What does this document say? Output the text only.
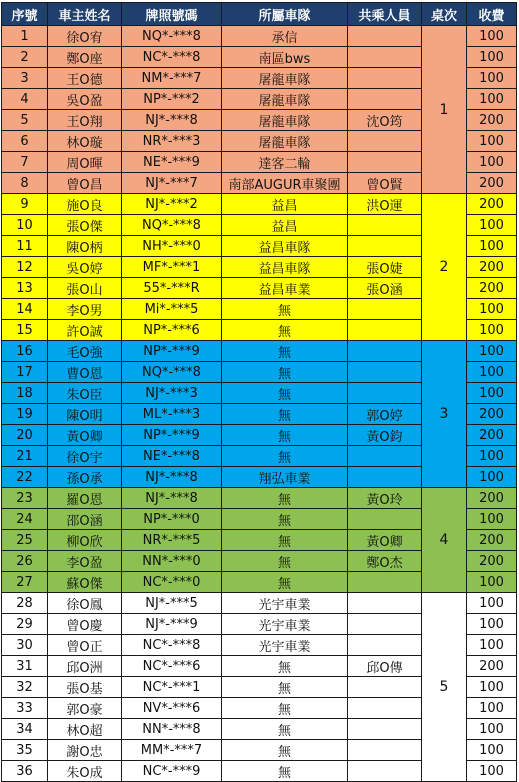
序號	車主姓名	牌照號碼	所屬車隊	共乘人員	桌次	收費
1	徐O宥	NQ*-***8	承信		1	100
2	鄭O座	NC*-***8	南區bws			100
3	王O德	NM*-***7	屠龍車隊			100
4	吳O盈	NP*-***2	屠龍車隊			100
5	王O翔	NJ*-***8	屠龍車隊	沈O筠		200
6	林O璇	NR*-***3	屠龍車隊			100
7	周O暉	NE*-***9	達客二輪			100
8	曾O昌	NJ*-***7	南部AUGUR車聚團	曾O賢		200
9	施O良	NJ*-***2	益昌	洪O運	2	200
10	張O傑	NQ*-***8	益昌			100
11	陳O柄	NH*-***0	益昌車隊			100
12	吳O婷	MF*-***1	益昌車隊	張O婕		200
13	張O山	55*-***R	益昌車業	張O涵		200
14	李O男	Mi*-***5	無			100
15	許O誠	NP*-***6	無			100
16	毛O強	NP*-***9	無		3	100
17	曹O恩	NQ*-***8	無			100
18	朱O臣	NJ*-***3	無			100
19	陳O明	ML*-***3	無	郭O婷		200
20	黃O卿	NP*-***9	無	黃O鈞		200
21	徐O宇	NE*-***8	無			100
22	孫O承	NJ*-***8	翔弘車業			100
23	羅O恩	NJ*-***8	無	黃O玲	4	200
24	邵O涵	NP*-***0	無			100
25	柳O欣	NR*-***5	無	黃O卿		200
26	李O盈	NN*-***0	無	鄭O杰		200
27	蘇O傑	NC*-***0	無			100
28	徐O鳳	NJ*-***5	光宇車業		5	100
29	曾O慶	NJ*-***9	光宇車業			100
30	曾O正	NC*-***8	光宇車業			100
31	邱O洲	NC*-***6	無	邱O傳		200
32	張O基	NC*-***1	無			100
33	郭O豪	NV*-***6	無			100
34	林O超	NN*-***8	無			100
35	謝O忠	MM*-***7	無			100
36	朱O成	NC*-***9	無			100
